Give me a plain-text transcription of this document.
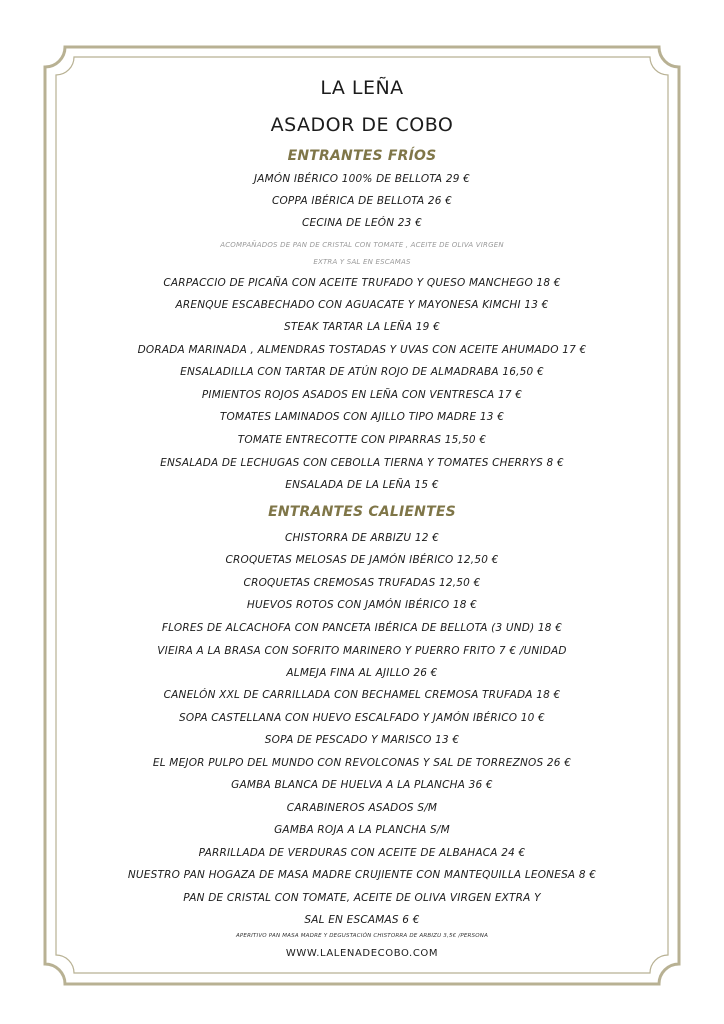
LA LEÑA
ASADOR DE COBO
ENTRANTES FRÍOS
JAMÓN IBÉRICO 100% DE BELLOTA 29 €
COPPA IBÉRICA DE BELLOTA 26 €
CECINA DE LEÓN 23 €
ACOMPAÑADOS DE PAN DE CRISTAL CON TOMATE , ACEITE DE OLIVA VIRGEN
EXTRA Y SAL EN ESCAMAS
CARPACCIO DE PICAÑA CON ACEITE TRUFADO Y QUESO MANCHEGO 18 €
ARENQUE ESCABECHADO CON AGUACATE Y MAYONESA KIMCHI 13 €
STEAK TARTAR LA LEÑA 19 €
DORADA MARINADA , ALMENDRAS TOSTADAS Y UVAS CON ACEITE AHUMADO 17 €
ENSALADILLA CON TARTAR DE ATÚN ROJO DE ALMADRABA 16,50 €
PIMIENTOS ROJOS ASADOS EN LEÑA CON VENTRESCA 17 €
TOMATES LAMINADOS CON AJILLO TIPO MADRE 13 €
TOMATE ENTRECOTTE CON PIPARRAS 15,50 €
ENSALADA DE LECHUGAS CON CEBOLLA TIERNA Y TOMATES CHERRYS 8 €
ENSALADA DE LA LEÑA 15 €
ENTRANTES CALIENTES
CHISTORRA DE ARBIZU 12 €
CROQUETAS MELOSAS DE JAMÓN IBÉRICO 12,50 €
CROQUETAS CREMOSAS TRUFADAS 12,50 €
HUEVOS ROTOS CON JAMÓN IBÉRICO 18 €
FLORES DE ALCACHOFA CON PANCETA IBÉRICA DE BELLOTA (3 UND) 18 €
VIEIRA A LA BRASA CON SOFRITO MARINERO Y PUERRO FRITO 7 € /UNIDAD
ALMEJA FINA AL AJILLO 26 €
CANELÓN XXL DE CARRILLADA CON BECHAMEL CREMOSA TRUFADA 18 €
SOPA CASTELLANA CON HUEVO ESCALFADO Y JAMÓN IBÉRICO 10 €
SOPA DE PESCADO Y MARISCO 13 €
EL MEJOR PULPO DEL MUNDO CON REVOLCONAS Y SAL DE TORREZNOS 26 €
GAMBA BLANCA DE HUELVA A LA PLANCHA 36 €
CARABINEROS ASADOS S/M
GAMBA ROJA A LA PLANCHA S/M
PARRILLADA DE VERDURAS CON ACEITE DE ALBAHACA 24 €
NUESTRO PAN HOGAZA DE MASA MADRE CRUJIENTE CON MANTEQUILLA LEONESA 8 €
PAN DE CRISTAL CON TOMATE, ACEITE DE OLIVA VIRGEN EXTRA Y
SAL EN ESCAMAS 6 €
APERITIVO PAN MASA MADRE Y DEGUSTACIÓN CHISTORRA DE ARBIZU 3,5€ /PERSONA
WWW.LALENADECOBO.COM
